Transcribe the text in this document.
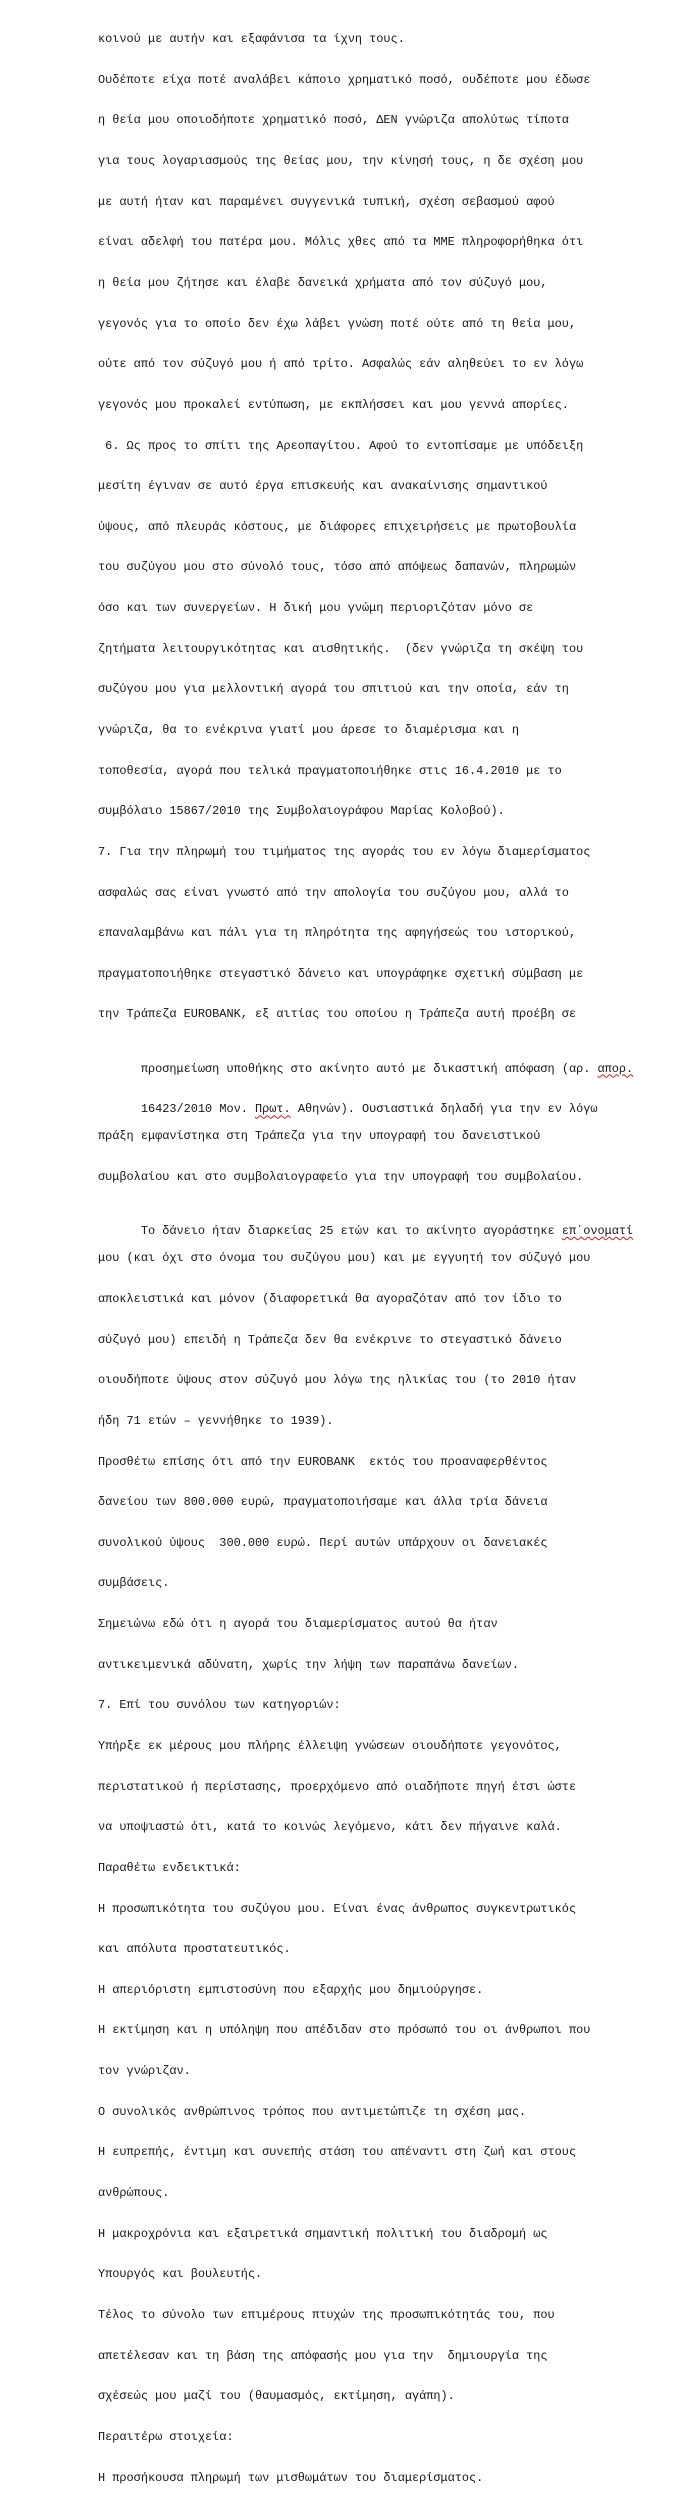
κοινού με αυτήν και εξαφάνισα τα ίχνη τους.

Ουδέποτε είχα ποτέ αναλάβει κάποιο χρηματικό ποσό, ουδέποτε μου έδωσε

η θεία μου οποιοδήποτε χρηματικό ποσό, ΔΕΝ γνώριζα απολύτως τίποτα

για τους λογαριασμούς της θείας μου, την κίνησή τους, η δε σχέση μου

με αυτή ήταν και παραμένει συγγενικά τυπική, σχέση σεβασμού αφού

είναι αδελφή του πατέρα μου. Μόλις χθες από τα ΜΜΕ πληροφορήθηκα ότι

η θεία μου ζήτησε και έλαβε δανεικά χρήματα από τον σύζυγό μου,

γεγονός για το οποίο δεν έχω λάβει γνώση ποτέ ούτε από τη θεία μου,

ούτε από τον σύζυγό μου ή από τρίτο. Ασφαλώς εάν αληθεύει το εν λόγω

γεγονός μου προκαλεί εντύπωση, με εκπλήσσει και μου γεννά απορίες.

6. Ως προς το σπίτι της Αρεοπαγίτου. Αφού το εντοπίσαμε με υπόδειξη

μεσίτη έγιναν σε αυτό έργα επισκευής και ανακαίνισης σημαντικού

ύψους, από πλευράς κόστους, με διάφορες επιχειρήσεις με πρωτοβουλία

του συζύγου μου στο σύνολό τους, τόσο από απόψεως δαπανών, πληρωμών

όσο και των συνεργείων. Η δική μου γνώμη περιοριζόταν μόνο σε

ζητήματα λειτουργικότητας και αισθητικής.  (δεν γνώριζα τη σκέψη του

συζύγου μου για μελλοντική αγορά του σπιτιού και την οποία, εάν τη

γνώριζα, θα το ενέκρινα γιατί μου άρεσε το διαμέρισμα και η

τοποθεσία, αγορά που τελικά πραγματοποιήθηκε στις 16.4.2010 με το

συμβόλαιο 15867/2010 της Συμβολαιογράφου Μαρίας Κολοβού).

7. Για την πληρωμή του τιμήματος της αγοράς του εν λόγω διαμερίσματος

ασφαλώς σας είναι γνωστό από την απολογία του συζύγου μου, αλλά το

επαναλαμβάνω και πάλι για τη πληρότητα της αφηγήσεώς του ιστορικού,

πραγματοποιήθηκε στεγαστικό δάνειο και υπογράφηκε σχετική σύμβαση με

την Τράπεζα EUROBANK, εξ αιτίας του οποίου η Τράπεζα αυτή προέβη σε

προσημείωση υποθήκης στο ακίνητο αυτό με δικαστική απόφαση (αρ. απορ.

16423/2010 Μον. Πρωτ. Αθηνών). Ουσιαστικά δηλαδή για την εν λόγω

πράξη εμφανίστηκα στη Τράπεζα για την υπογραφή του δανειστικού

συμβολαίου και στο συμβολαιογραφείο για την υπογραφή του συμβολαίου.

Το δάνειο ήταν διαρκείας 25 ετών και το ακίνητο αγοράστηκε επ΄ονοματί

μου (και όχι στο όνομα του συζύγου μου) και με εγγυητή τον σύζυγό μου

αποκλειστικά και μόνον (διαφορετικά θα αγοραζόταν από τον ίδιο το

σύζυγό μου) επειδή η Τράπεζα δεν θα ενέκρινε το στεγαστικό δάνειο

οιουδήποτε ύψους στον σύζυγό μου λόγω της ηλικίας του (το 2010 ήταν

ήδη 71 ετών – γεννήθηκε το 1939).

Προσθέτω επίσης ότι από την EUROBANK  εκτός του προαναφερθέντος

δανείου των 800.000 ευρώ, πραγματοποιήσαμε και άλλα τρία δάνεια

συνολικού ύψους  300.000 ευρώ. Περί αυτών υπάρχουν οι δανειακές

συμβάσεις.

Σημειώνω εδώ ότι η αγορά του διαμερίσματος αυτού θα ήταν

αντικειμενικά αδύνατη, χωρίς την λήψη των παραπάνω δανείων.

7. Επί του συνόλου των κατηγοριών:

Υπήρξε εκ μέρους μου πλήρης έλλειψη γνώσεων οιουδήποτε γεγονότος,

περιστατικού ή περίστασης, προερχόμενο από οιαδήποτε πηγή έτσι ώστε

να υποψιαστώ ότι, κατά το κοινώς λεγόμενο, κάτι δεν πήγαινε καλά.

Παραθέτω ενδεικτικά:

Η προσωπικότητα του συζύγου μου. Είναι ένας άνθρωπος συγκεντρωτικός

και απόλυτα προστατευτικός.

Η απεριόριστη εμπιστοσύνη που εξαρχής μου δημιούργησε.

Η εκτίμηση και η υπόληψη που απέδιδαν στο πρόσωπό του οι άνθρωποι που

τον γνώριζαν.

Ο συνολικός ανθρώπινος τρόπος που αντιμετώπιζε τη σχέση μας.

Η ευπρεπής, έντιμη και συνεπής στάση του απέναντι στη ζωή και στους

ανθρώπους.

Η μακροχρόνια και εξαιρετικά σημαντική πολιτική του διαδρομή ως

Υπουργός και βουλευτής.

Τέλος το σύνολο των επιμέρους πτυχών της προσωπικότητάς του, που

απετέλεσαν και τη βάση της απόφασής μου για την  δημιουργία της

σχέσεώς μου μαζί του (θαυμασμός, εκτίμηση, αγάπη).

Περαιτέρω στοιχεία:

Η προσήκουσα πληρωμή των μισθωμάτων του διαμερίσματος.
